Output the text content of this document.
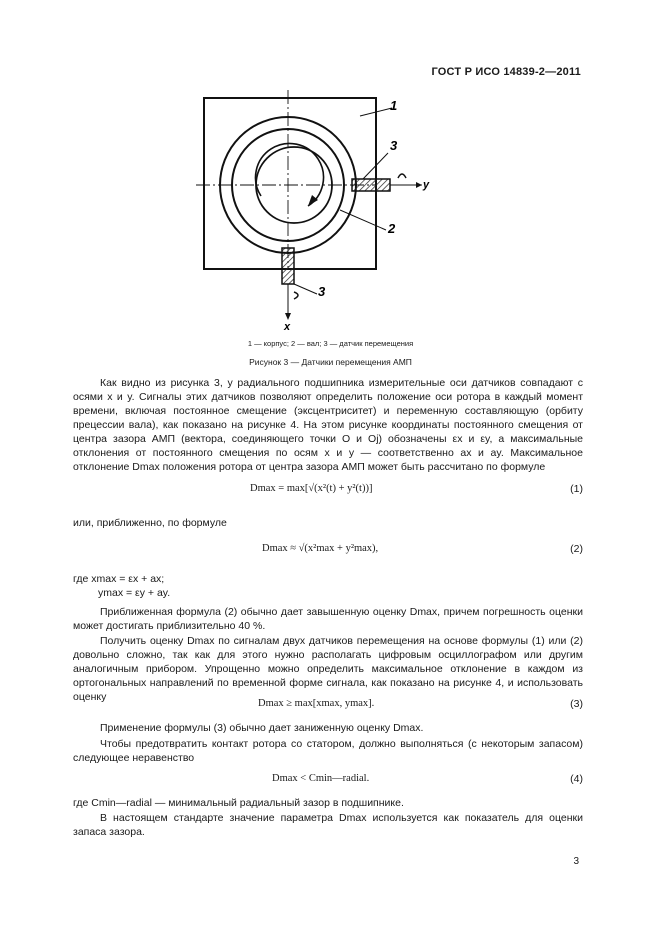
ГОСТ Р ИСО 14839-2—2011
1
3
2
3
y
x
1 — корпус; 2 — вал; 3 — датчик перемещения
Рисунок 3 — Датчики перемещения АМП

Как видно из рисунка 3, у радиального подшипника измерительные оси датчиков совпадают с осями x и y. Сигналы этих датчиков позволяют определить положение оси ротора в каждый момент времени, включая постоянное смещение (эксцентриситет) и переменную составляющую (орбиту прецессии вала), как показано на рисунке 4. На этом рисунке координаты постоянного смещения от центра зазора АМП (вектора, соединяющего точки O и Oj) обозначены εx и εy, а максимальные отклонения от постоянного смещения по осям x и y — соответственно ax и ay. Максимальное отклонение Dmax положения ротора от центра зазора АМП может быть рассчитано по формуле

Dmax = max[√(x²(t) + y²(t))]	(1)

или, приближенно, по формуле

Dmax ≈ √(x²max + y²max),	(2)

где xmax = εx + ax;

ymax = εy + ay.

Приближенная формула (2) обычно дает завышенную оценку Dmax, причем погрешность оценки может достигать приблизительно 40 %.

Получить оценку Dmax по сигналам двух датчиков перемещения на основе формулы (1) или (2) довольно сложно, так как для этого нужно располагать цифровым осциллографом или другим аналогичным прибором. Упрощенно можно определить максимальное отклонение в каждом из ортогональных направлений по временной форме сигнала, как показано на рисунке 4, и использовать оценку

Dmax ≥ max[xmax, ymax].	(3)

Применение формулы (3) обычно дает заниженную оценку Dmax.

Чтобы предотвратить контакт ротора со статором, должно выполняться (с некоторым запасом) следующее неравенство

Dmax < Cmin—radial.	(4)

где Cmin—radial — минимальный радиальный зазор в подшипнике.

В настоящем стандарте значение параметра Dmax используется как показатель для оценки запаса зазора.

3
